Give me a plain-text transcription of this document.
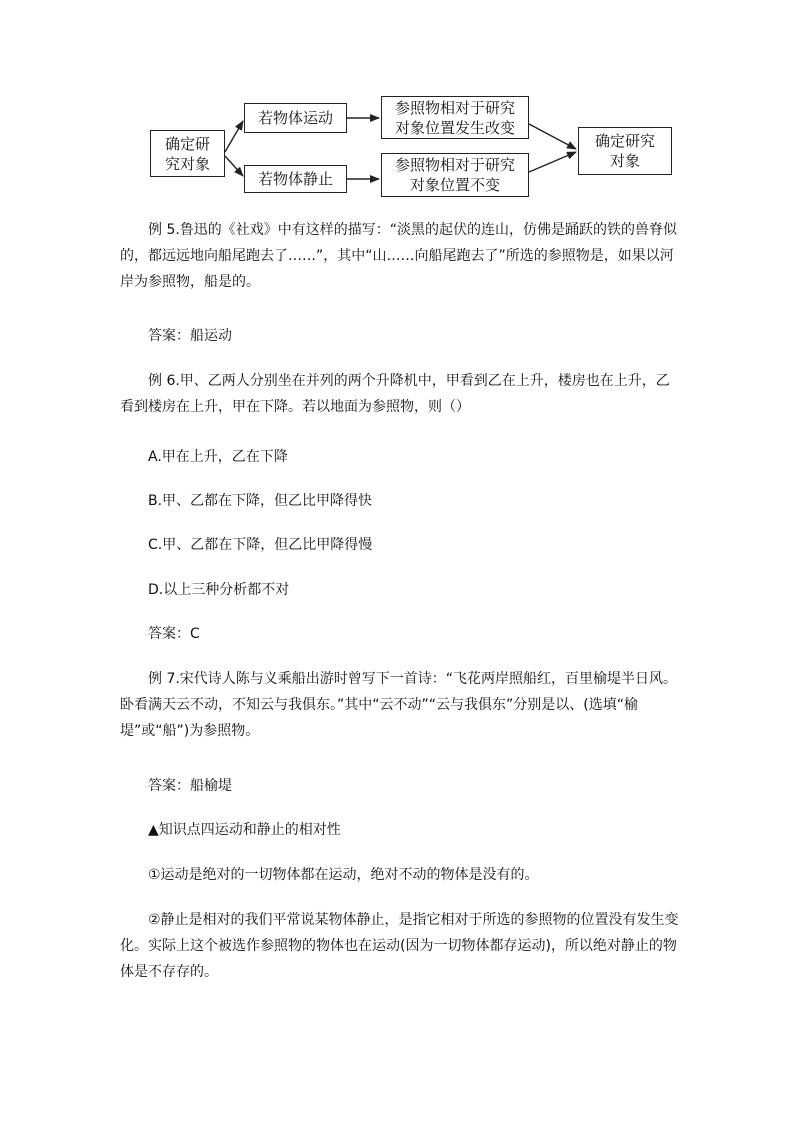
确定研
究对象
若物体运动
若物体静止
参照物相对于研究
对象位置发生改变
参照物相对于研究
对象位置不变
确定研究
对象

例 5.鲁迅的《社戏》中有这样的描写：“淡黑的起伏的连山，仿佛是踊跃的铁的兽脊似的，都远远地向船尾跑去了……”，其中“山……向船尾跑去了”所选的参照物是，如果以河岸为参照物，船是的。

答案：船运动

例 6.甲、乙两人分别坐在并列的两个升降机中，甲看到乙在上升，楼房也在上升，乙看到楼房在上升，甲在下降。若以地面为参照物，则（）

A.甲在上升，乙在下降

B.甲、乙都在下降，但乙比甲降得快

C.甲、乙都在下降，但乙比甲降得慢

D.以上三种分析都不对

答案：C

例 7.宋代诗人陈与义乘船出游时曾写下一首诗：“飞花两岸照船红，百里榆堤半日风。卧看满天云不动，不知云与我俱东。”其中“云不动”“云与我俱东”分别是以、(选填“榆堤”或“船”)为参照物。

答案：船榆堤

▲知识点四运动和静止的相对性

①运动是绝对的一切物体都在运动，绝对不动的物体是没有的。

②静止是相对的我们平常说某物体静止，是指它相对于所选的参照物的位置没有发生变化。实际上这个被选作参照物的物体也在运动(因为一切物体都存运动)，所以绝对静止的物体是不存存的。
